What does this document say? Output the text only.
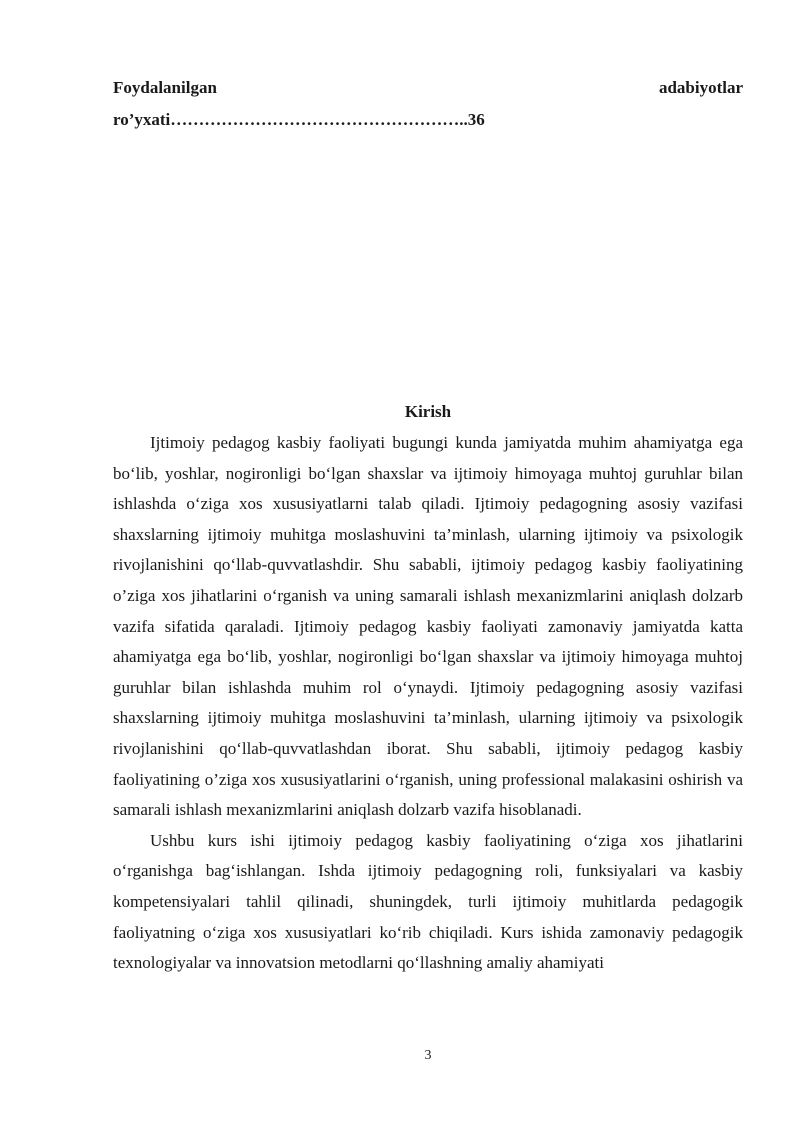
Foydalanilgan	adabiyotlar
ro’yxati……………………………………………..36
Kirish

Ijtimoiy pedagog kasbiy faoliyati bugungi kunda jamiyatda muhim ahamiyatga ega bo‘lib, yoshlar, nogironligi bo‘lgan shaxslar va ijtimoiy himoyaga muhtoj guruhlar bilan ishlashda o‘ziga xos xususiyatlarni talab qiladi. Ijtimoiy pedagogning asosiy vazifasi shaxslarning ijtimoiy muhitga moslashuvini ta’minlash, ularning ijtimoiy va psixologik rivojlanishini qo‘llab-quvvatlashdir. Shu sababli, ijtimoiy pedagog kasbiy faoliyatining o’ziga xos jihatlarini o‘rganish va uning samarali ishlash mexanizmlarini aniqlash dolzarb vazifa sifatida qaraladi. Ijtimoiy pedagog kasbiy faoliyati zamonaviy jamiyatda katta ahamiyatga ega bo‘lib, yoshlar, nogironligi bo‘lgan shaxslar va ijtimoiy himoyaga muhtoj guruhlar bilan ishlashda muhim rol o‘ynaydi. Ijtimoiy pedagogning asosiy vazifasi shaxslarning ijtimoiy muhitga moslashuvini ta’minlash, ularning ijtimoiy va psixologik rivojlanishini qo‘llab-quvvatlashdan iborat. Shu sababli, ijtimoiy pedagog kasbiy faoliyatining o’ziga xos xususiyatlarini o‘rganish, uning professional malakasini oshirish va samarali ishlash mexanizmlarini aniqlash dolzarb vazifa hisoblanadi.

Ushbu kurs ishi ijtimoiy pedagog kasbiy faoliyatining o‘ziga xos jihatlarini o‘rganishga bag‘ishlangan. Ishda ijtimoiy pedagogning roli, funksiyalari va kasbiy kompetensiyalari tahlil qilinadi, shuningdek, turli ijtimoiy muhitlarda pedagogik faoliyatning o‘ziga xos xususiyatlari ko‘rib chiqiladi. Kurs ishida zamonaviy pedagogik texnologiyalar va innovatsion metodlarni qo‘llashning amaliy ahamiyati

3
